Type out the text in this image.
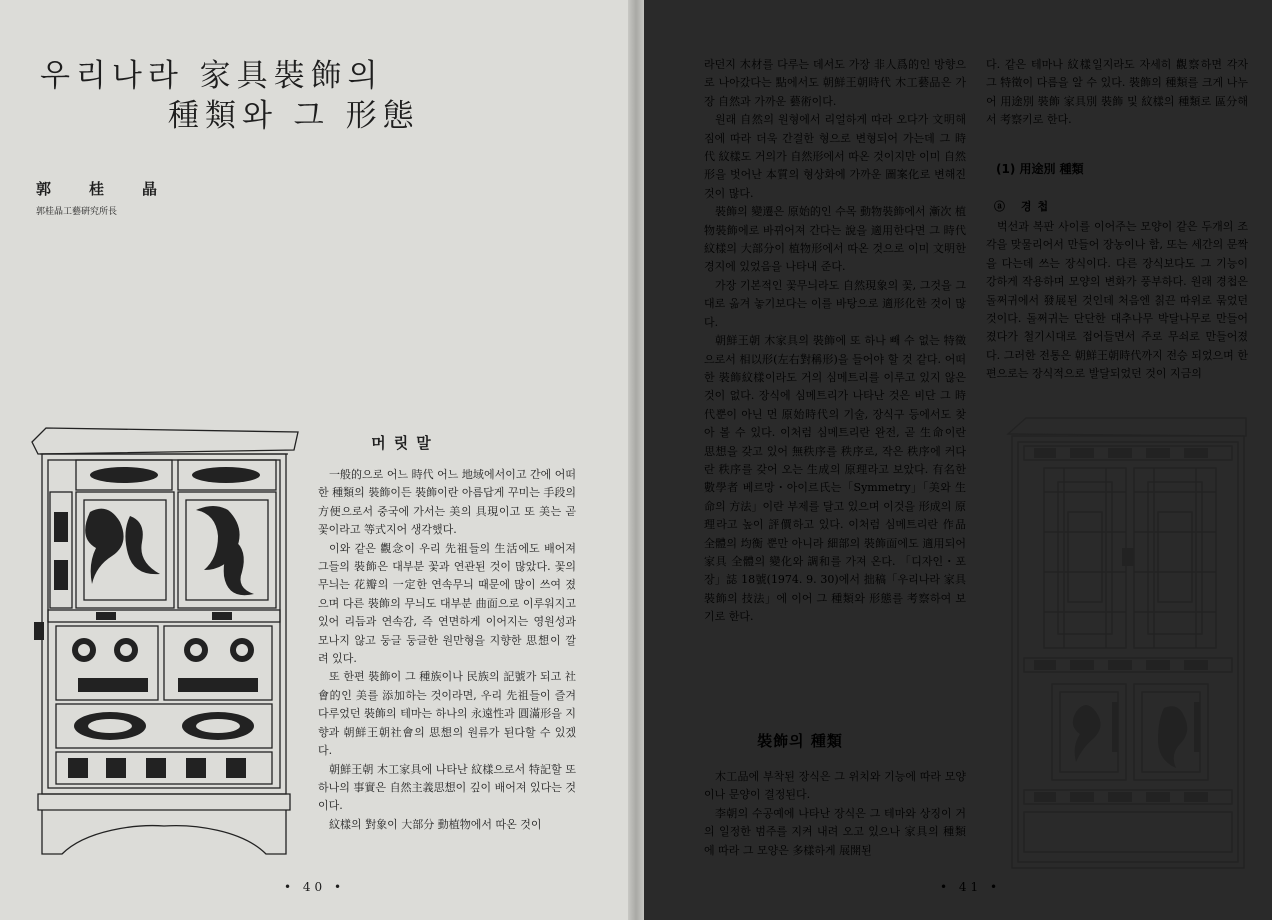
우리나라 家具裝飾의
種類와 그 形態

郭桂晶

郭桂晶工藝硏究所長

머릿말

一般的으로 어느 時代 어느 地域에서이고 간에 어떠한 種類의 裝飾이든 裝飾이란 아름답게 꾸미는 手段의 方便으로서 중국에 가서는 美의 具現이고 또 美는 곧 꽃이라고 等式지어 생각했다.

이와 같은 觀念이 우리 先祖들의 生活에도 배어져 그들의 裝飾은 대부분 꽃과 연관된 것이 많았다. 꽃의 무늬는 花瓣의 一定한 연속무늬 때문에 많이 쓰여 졌으며 다른 裝飾의 무늬도 대부분 曲面으로 이루워지고 있어 리듬과 연속감, 즉 연면하게 이어지는 영원성과 모나지 않고 둥글 둥글한 원만형을 지향한 思想이 깔려 있다.

또 한편 裝飾이 그 種族이나 民族의 記號가 되고 社會的인 美를 添加하는 것이라면, 우리 先祖들이 즐겨 다루었던 裝飾의 테마는 하나의 永遠性과 圓滿形을 지향과 朝鮮王朝社會의 思想의 원류가 된다할 수 있겠다.

朝鮮王朝 木工家具에 나타난 紋樣으로서 特記할 또 하나의 事實은 自然主義思想이 깊이 배어져 있다는 것이다.

紋樣의 對象이 大部分 動植物에서 따온 것이

• 40 •

라던지 木材를 다루는 데서도 가장 非人爲的인 방향으로 나아갔다는 點에서도 朝鮮王朝時代 木工藝品은 가장 自然과 가까운 藝術이다.

원래 自然의 원형에서 리얼하게 따라 오다가 文明해 짐에 따라 더욱 간결한 형으로 변형되어 가는데 그 時代 紋樣도 거의가 自然形에서 따온 것이지만 이미 自然形을 벗어난 本質의 형상화에 가까운 圖案化로 변해진 것이 많다.

裝飾의 變遷은 原始的인 수목 動物裝飾에서 漸次 植物裝飾에로 바뀌어져 간다는 說을 適用한다면 그 時代 紋樣의 大部分이 植物形에서 따온 것으로 이미 文明한 경지에 있었음을 나타내 준다.

가장 기본적인 꽃무늬라도 自然現象의 꽃, 그것을 그대로 옮겨 놓기보다는 이를 바탕으로 適形化한 것이 많다.

朝鮮王朝 木家具의 裝飾에 또 하나 빼 수 없는 特徵으로서 相以形(左右對稱形)을 들어야 할 것 같다. 어떠한 裝飾紋樣이라도 거의 심메트리를 이루고 있지 않은 것이 없다. 장식에 심메트리가 나타난 것은 비단 그 時代뿐이 아닌 먼 原始時代의 기술, 장식구 등에서도 찾아 볼 수 있다. 이처럼 심메트리란 완전, 곧 生命이란 思想을 갖고 있어 無秩序를 秩序로, 작은 秩序에 커다란 秩序를 갖어 오는 生成의 原理라고 보았다. 有名한 數學者 베르망・아이르氏는「Symmetry」「美와 生命의 方法」이란 부제를 달고 있으며 이것을 形成의 原理라고 높이 評價하고 있다. 이처럼 심메트리란 作品 全體의 均衡 뿐만 아니라 細部의 裝飾面에도 適用되어 家具 全體의 變化와 調和를 가져 온다. 「디자인・포장」誌 18號(1974. 9. 30)에서 拙稿「우리나라 家具裝飾의 技法」에 이어 그 種類와 形態를 考察하여 보기로 한다.

裝飾의 種類

木工品에 부착된 장식은 그 위치와 기능에 따라 모양이나 문양이 결정된다.

李朝의 수공예에 나타난 장식은 그 테마와 상징이 거의 일정한 범주를 지켜 내려 오고 있으나 家具의 種類에 따라 그 모양은 多樣하게 展開된

다. 같은 테마나 紋樣일지라도 자세히 觀察하면 각자 그 特徵이 다름을 알 수 있다. 裝飾의 種類를 크게 나누어 用途別 裝飾 家具別 裝飾 및 紋樣의 種類로 區分해서 考察키로 한다.

(1) 用途別 種類

ⓐ 경첩

벅선과 복판 사이를 이어주는 모양이 같은 두개의 조각을 맞물리어서 만들어 장농이나 함, 또는 세간의 문짝을 다는데 쓰는 장식이다. 다른 장식보다도 그 기능이 강하게 작용하며 모양의 변화가 풍부하다. 원래 경첩은 돌쩌귀에서 發展된 것인데 처음엔 칡끈 따위로 묶었던 것이다. 돌쩌귀는 단단한 대추나무 박달나무로 만들어졌다가 철기시대로 접어들면서 주로 무쇠로 만들어졌다. 그러한 전통은 朝鮮王朝時代까지 전승 되었으며 한 편으로는 장식적으로 발달되었던 것이 지금의

• 41 •
